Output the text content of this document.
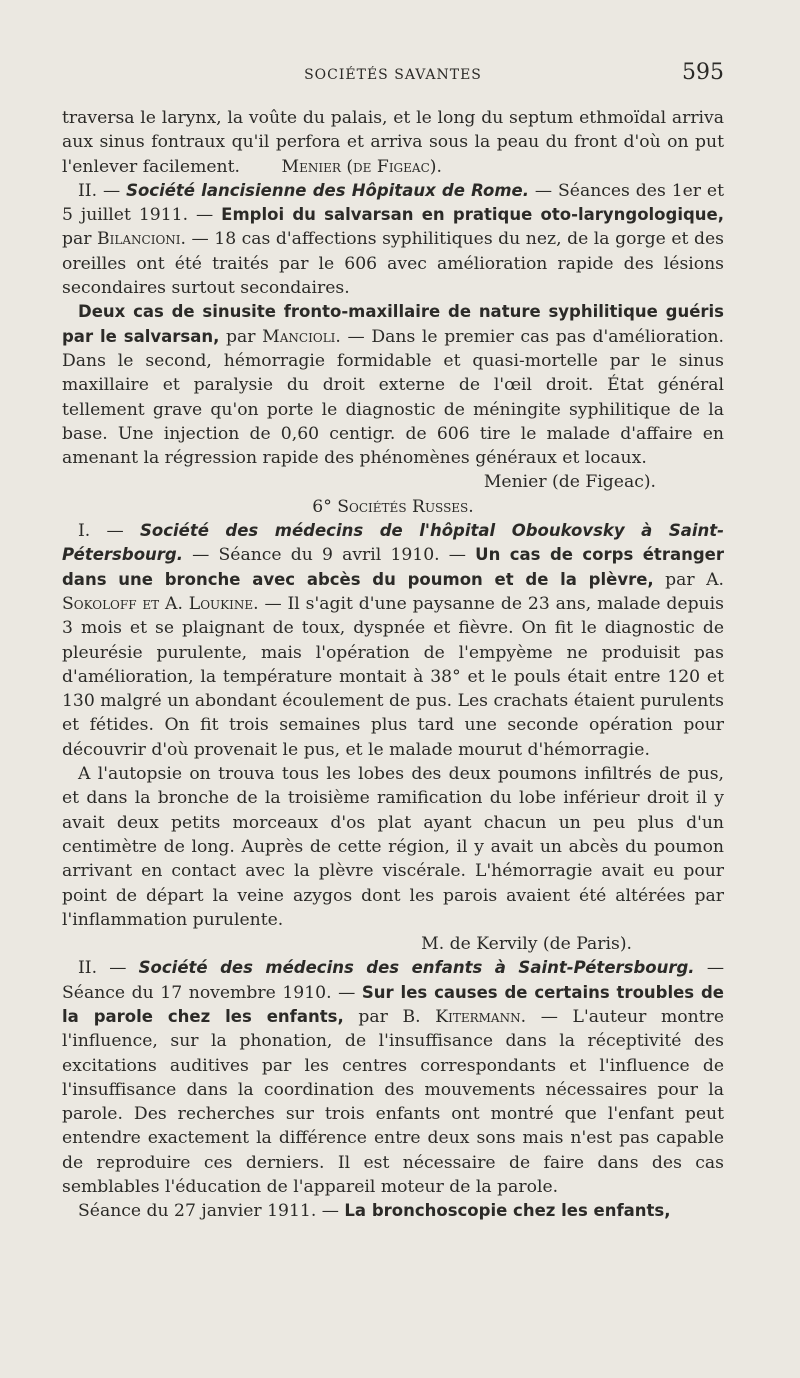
SOCIÉTÉS SAVANTES	595

traversa le larynx, la voûte du palais, et le long du septum ethmoïdal arriva aux sinus fontraux qu'il perfora et arriva sous la peau du front d'où on put l'enlever facilement. Menier (de Figeac).

II. — Société lancisienne des Hôpitaux de Rome. — Séances des 1er et 5 juillet 1911. — Emploi du salvarsan en pratique oto-laryngologique, par Bilancioni. — 18 cas d'affections syphilitiques du nez, de la gorge et des oreilles ont été traités par le 606 avec amélioration rapide des lésions secondaires surtout secondaires.

Deux cas de sinusite fronto-maxillaire de nature syphilitique guéris par le salvarsan, par Mancioli. — Dans le premier cas pas d'amélioration. Dans le second, hémorragie formidable et quasi-mortelle par le sinus maxillaire et paralysie du droit externe de l'œil droit. État général tellement grave qu'on porte le diagnostic de méningite syphilitique de la base. Une injection de 0,60 centigr. de 606 tire le malade d'affaire en amenant la régression rapide des phénomènes généraux et locaux.

Menier (de Figeac).

6° Sociétés Russes.

I. — Société des médecins de l'hôpital Oboukovsky à Saint-Pétersbourg. — Séance du 9 avril 1910. — Un cas de corps étranger dans une bronche avec abcès du poumon et de la plèvre, par A. Sokoloff et A. Loukine. — Il s'agit d'une paysanne de 23 ans, malade depuis 3 mois et se plaignant de toux, dyspnée et fièvre. On fit le diagnostic de pleurésie purulente, mais l'opération de l'empyème ne produisit pas d'amélioration, la température montait à 38° et le pouls était entre 120 et 130 malgré un abondant écoulement de pus. Les crachats étaient purulents et fétides. On fit trois semaines plus tard une seconde opération pour découvrir d'où provenait le pus, et le malade mourut d'hémorragie.

A l'autopsie on trouva tous les lobes des deux poumons infiltrés de pus, et dans la bronche de la troisième ramification du lobe inférieur droit il y avait deux petits morceaux d'os plat ayant chacun un peu plus d'un centimètre de long. Auprès de cette région, il y avait un abcès du poumon arrivant en contact avec la plèvre viscérale. L'hémorragie avait eu pour point de départ la veine azygos dont les parois avaient été altérées par l'inflammation purulente.

M. de Kervily (de Paris).

II. — Société des médecins des enfants à Saint-Pétersbourg. — Séance du 17 novembre 1910. — Sur les causes de certains troubles de la parole chez les enfants, par B. Kitermann. — L'auteur montre l'influence, sur la phonation, de l'insuffisance dans la réceptivité des excitations auditives par les centres correspondants et l'influence de l'insuffisance dans la coordination des mouvements nécessaires pour la parole. Des recherches sur trois enfants ont montré que l'enfant peut entendre exactement la différence entre deux sons mais n'est pas capable de reproduire ces derniers. Il est nécessaire de faire dans des cas semblables l'éducation de l'appareil moteur de la parole.

Séance du 27 janvier 1911. — La bronchoscopie chez les enfants,
